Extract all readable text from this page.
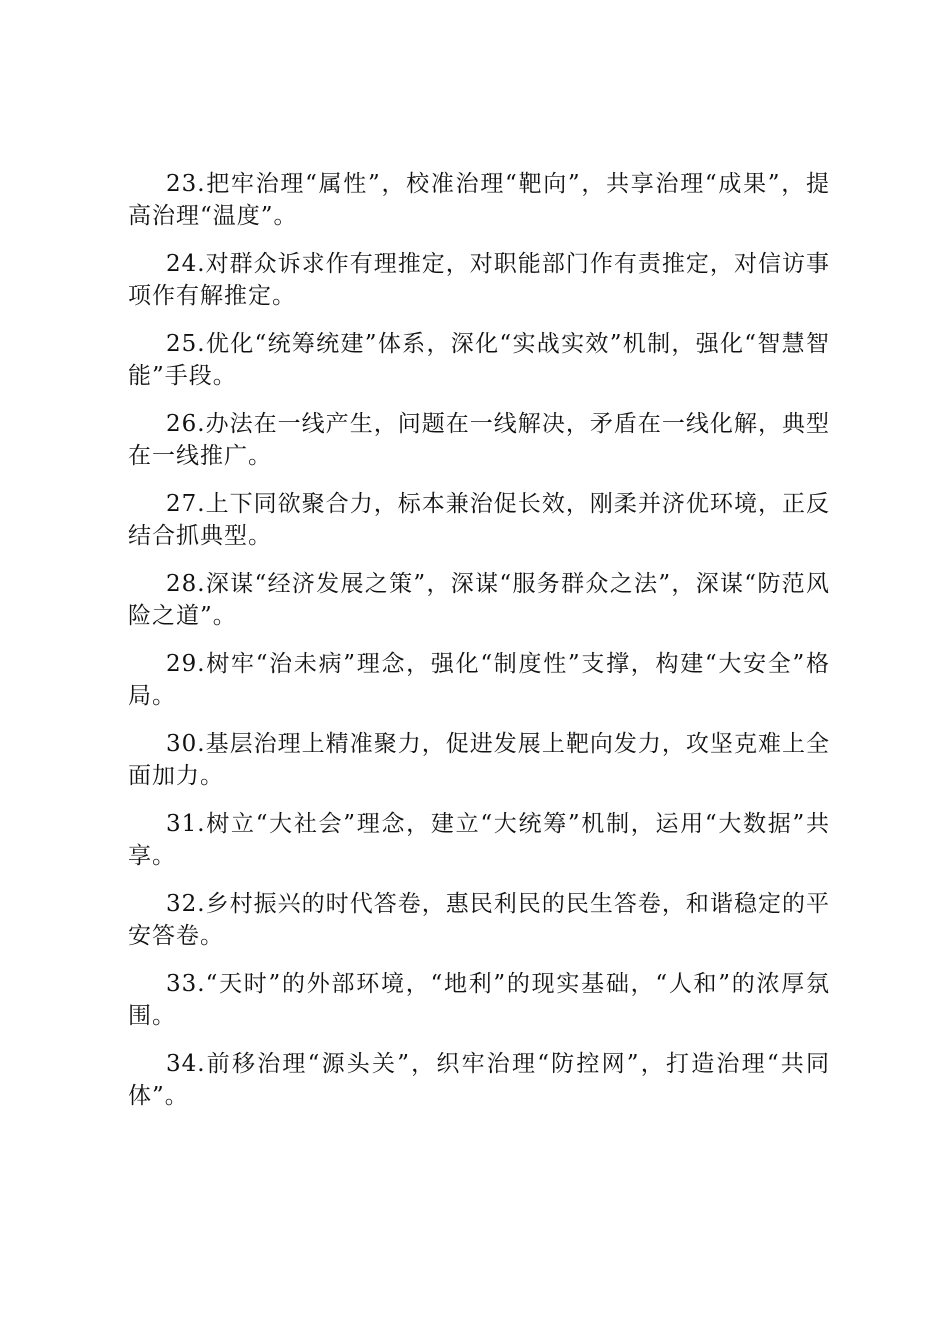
23.把牢治理“属性”，校准治理“靶向”，共享治理“成果”，提高治理“温度”。

24.对群众诉求作有理推定，对职能部门作有责推定，对信访事项作有解推定。

25.优化“统筹统建”体系，深化“实战实效”机制，强化“智慧智能”手段。

26.办法在一线产生，问题在一线解决，矛盾在一线化解，典型在一线推广。

27.上下同欲聚合力，标本兼治促长效，刚柔并济优环境，正反结合抓典型。

28.深谋“经济发展之策”，深谋“服务群众之法”，深谋“防范风险之道”。

29.树牢“治未病”理念，强化“制度性”支撑，构建“大安全”格局。

30.基层治理上精准聚力，促进发展上靶向发力，攻坚克难上全面加力。

31.树立“大社会”理念，建立“大统筹”机制，运用“大数据”共享。

32.乡村振兴的时代答卷，惠民利民的民生答卷，和谐稳定的平安答卷。

33.“天时”的外部环境，“地利”的现实基础，“人和”的浓厚氛围。

34.前移治理“源头关”，织牢治理“防控网”，打造治理“共同体”。
